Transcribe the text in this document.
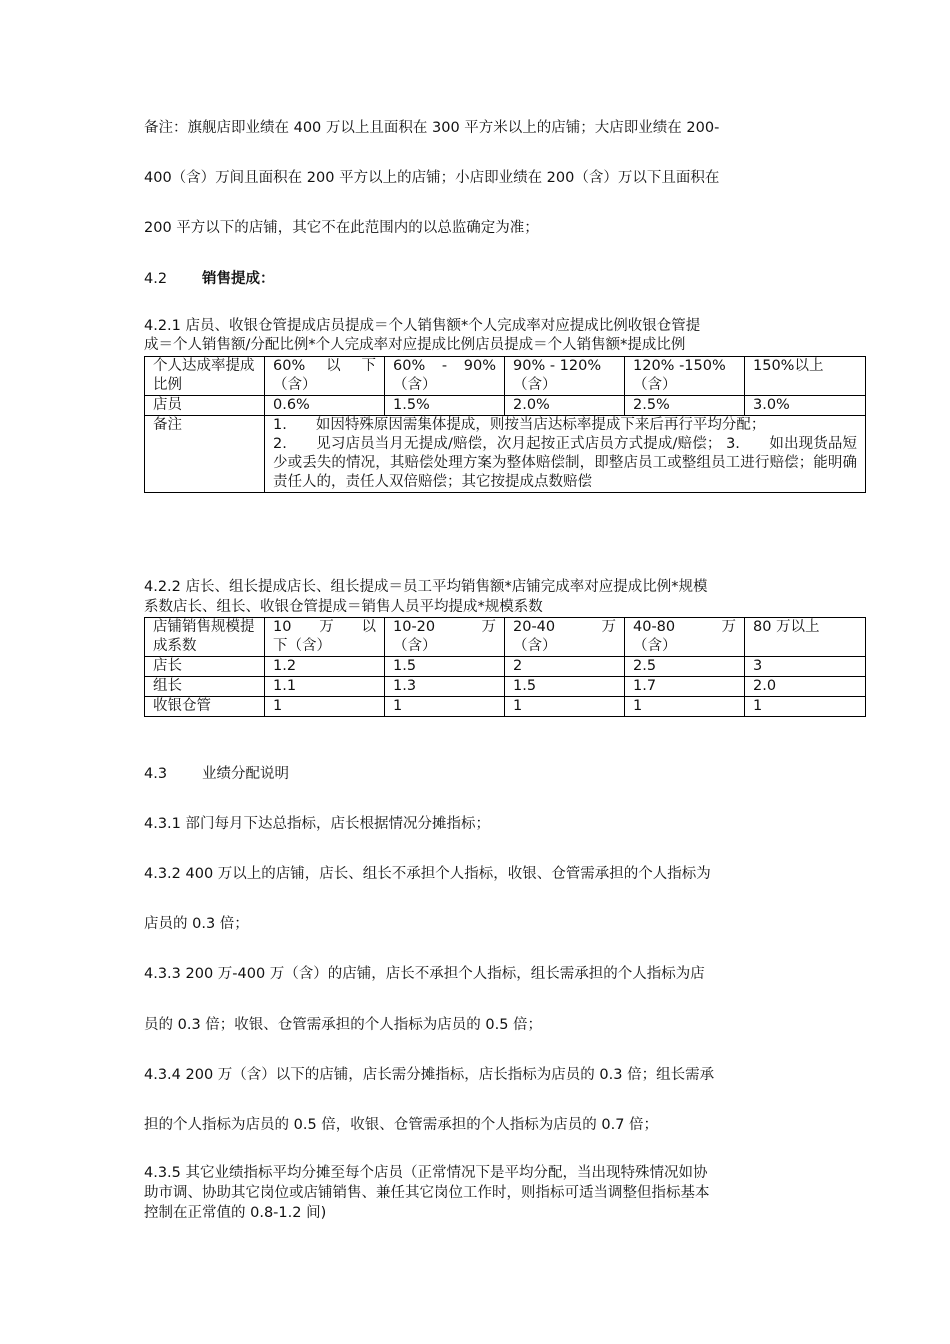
备注：旗舰店即业绩在 400 万以上且面积在 300 平方米以上的店铺；大店即业绩在 200-
400（含）万间且面积在 200 平方以上的店铺；小店即业绩在 200（含）万以下且面积在
200 平方以下的店铺，其它不在此范围内的以总监确定为准；
4.2 销售提成：
4.2.1 店员、收银仓管提成店员提成＝个人销售额*个人完成率对应提成比例收银仓管提
成＝个人销售额/分配比例*个人完成率对应提成比例店员提成＝个人销售额*提成比例
个人达成率提成比例	60%　以　下（含）	60%　-　90%（含）	90% - 120%（含）	120% -150%（含）	150%以上
店员	0.6%	1.5%	2.0%	2.5%	3.0%
备注	1.　　如因特殊原因需集体提成，则按当店达标率提成下来后再行平均分配；
2.　　见习店员当月无提成/赔偿，次月起按正式店员方式提成/赔偿； 3.　　如出现货品短少或丢失的情况，其赔偿处理方案为整体赔偿制，即整店员工或整组员工进行赔偿；能明确责任人的，责任人双倍赔偿；其它按提成点数赔偿				
4.2.2 店长、组长提成店长、组长提成＝员工平均销售额*店铺完成率对应提成比例*规模
系数店长、组长、收银仓管提成＝销售人员平均提成*规模系数
店铺销售规模提成系数	10　万　以　下（含）	10-20　　　万（含）	20-40　　　万（含）	40-80　　　万（含）	80 万以上
店长	1.2	1.5	2	2.5	3
组长	1.1	1.3	1.5	1.7	2.0
收银仓管	1	1	1	1	1
4.3 业绩分配说明
4.3.1 部门每月下达总指标，店长根据情况分摊指标；
4.3.2 400 万以上的店铺，店长、组长不承担个人指标，收银、仓管需承担的个人指标为
店员的 0.3 倍；
4.3.3 200 万-400 万（含）的店铺，店长不承担个人指标，组长需承担的个人指标为店
员的 0.3 倍；收银、仓管需承担的个人指标为店员的 0.5 倍；
4.3.4 200 万（含）以下的店铺，店长需分摊指标，店长指标为店员的 0.3 倍；组长需承
担的个人指标为店员的 0.5 倍，收银、仓管需承担的个人指标为店员的 0.7 倍；
4.3.5 其它业绩指标平均分摊至每个店员（正常情况下是平均分配，当出现特殊情况如协
助市调、协助其它岗位或店铺销售、兼任其它岗位工作时，则指标可适当调整但指标基本
控制在正常值的 0.8-1.2 间)
